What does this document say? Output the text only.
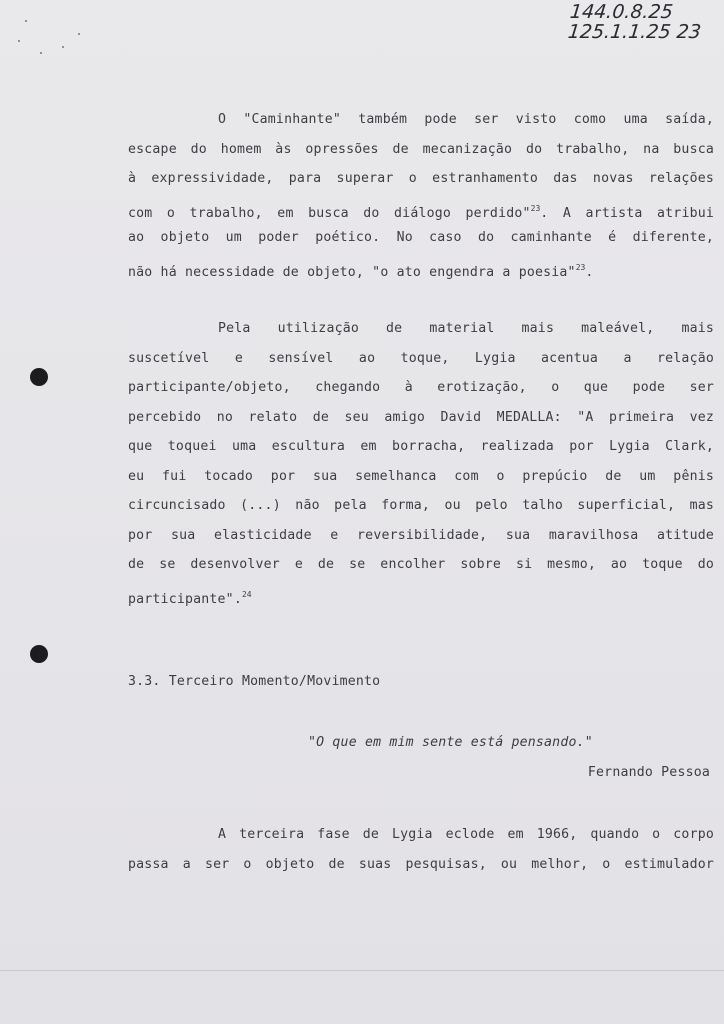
144.0.8.25
125.1.1.25 23
O "Caminhante" também pode ser visto como uma saída,
escape do homem às opressões de mecanização do trabalho, na busca
à expressividade, para superar o estranhamento das novas relações
com o trabalho, em busca do diálogo perdido"$^{23}$. A artista atribui
ao objeto um poder poético. No caso do caminhante é diferente,
não há necessidade de objeto, "o ato engendra a poesia"$^{23}$.
Pela utilização de material mais maleável, mais
suscetível e sensível ao toque, Lygia acentua a relação
participante/objeto, chegando à erotização, o que pode ser
percebido no relato de seu amigo David MEDALLA: "A primeira vez
que toquei uma escultura em borracha, realizada por Lygia Clark,
eu fui tocado por sua semelhanca com o prepúcio de um pênis
circuncisado (...) não pela forma, ou pelo talho superficial, mas
por sua elasticidade e reversibilidade, sua maravilhosa atitude
de se desenvolver e de se encolher sobre si mesmo, ao toque do
participante".$^{24}$
3.3. Terceiro Momento/Movimento
"O que em mim sente está pensando."
Fernando Pessoa
A terceira fase de Lygia eclode em 1966, quando o corpo
passa a ser o objeto de suas pesquisas, ou melhor, o estimulador
